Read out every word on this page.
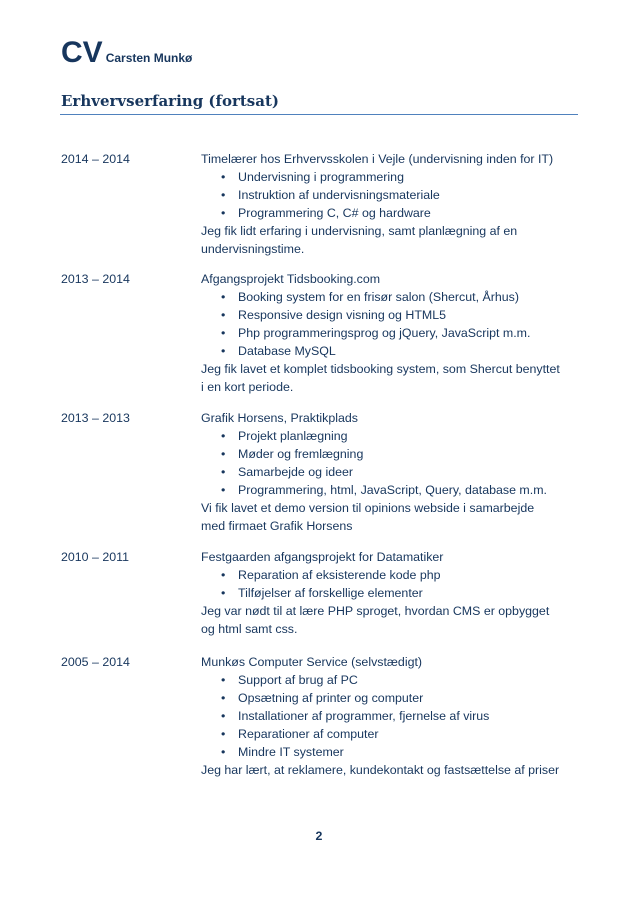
CV Carsten Munkø
Erhvervserfaring (fortsat)
2014 – 2014	Timelærer hos Erhvervsskolen i Vejle (undervisning inden for IT)

• Undervisning i programmering
• Instruktion af undervisningsmateriale
• Programmering C, C# og hardware

Jeg fik lidt erfaring i undervisning, samt planlægning af en

undervisningstime.

2013 – 2014	Afgangsprojekt Tidsbooking.com

• Booking system for en frisør salon (Shercut, Århus)
• Responsive design visning og HTML5
• Php programmeringsprog og jQuery, JavaScript m.m.
• Database MySQL

Jeg fik lavet et komplet tidsbooking system, som Shercut benyttet

i en kort periode.

2013 – 2013	Grafik Horsens, Praktikplads

• Projekt planlægning
• Møder og fremlægning
• Samarbejde og ideer
• Programmering, html, JavaScript, Query, database m.m.

Vi fik lavet et demo version til opinions webside i samarbejde

med firmaet Grafik Horsens

2010 – 2011	Festgaarden afgangsprojekt for Datamatiker

• Reparation af eksisterende kode php
• Tilføjelser af forskellige elementer

Jeg var nødt til at lære PHP sproget, hvordan CMS er opbygget

og html samt css.

2005 – 2014	Munkøs Computer Service (selvstædigt)

• Support af brug af PC
• Opsætning af printer og computer
• Installationer af programmer, fjernelse af virus
• Reparationer af computer
• Mindre IT systemer

Jeg har lært, at reklamere, kundekontakt og fastsættelse af priser

2
